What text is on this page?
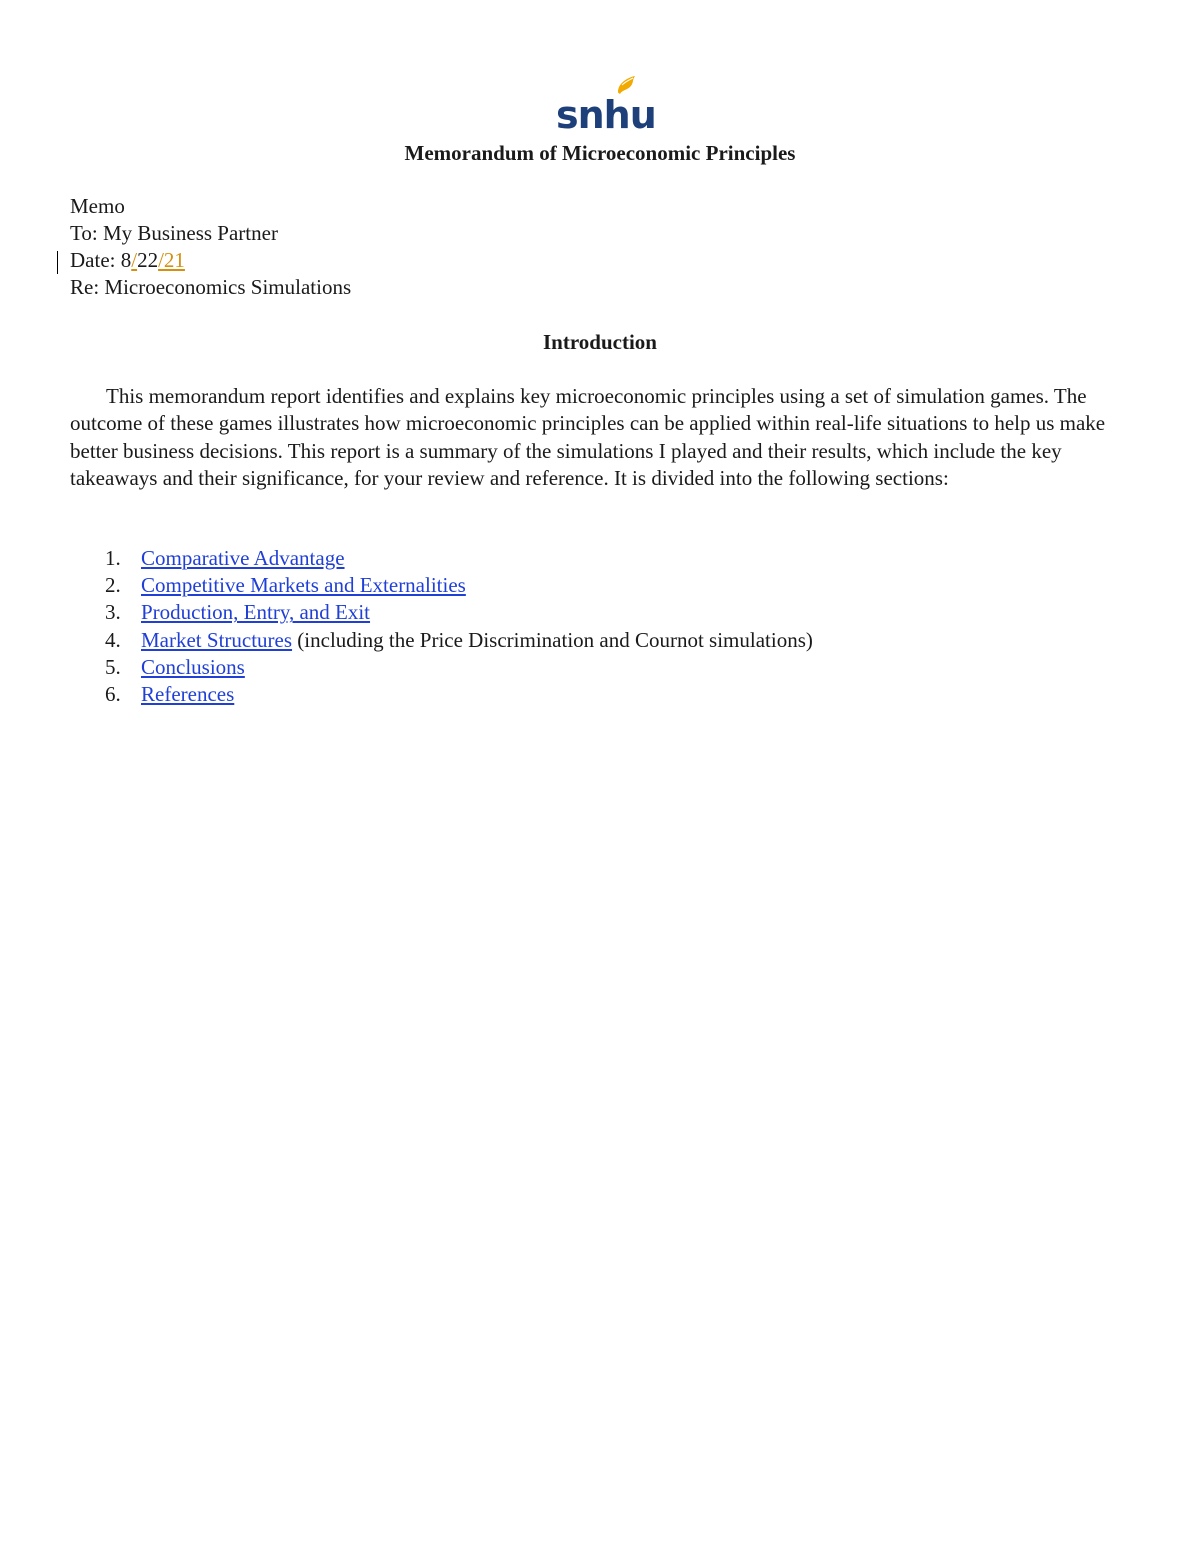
snhu
Memorandum of Microeconomic Principles
Memo
To: My Business Partner
Date: 8/22/21
Re: Microeconomics Simulations
Introduction

This memorandum report identifies and explains key microeconomic principles using a set of simulation games. The outcome of these games illustrates how microeconomic principles can be applied within real-life situations to help us make better business decisions. This report is a summary of the simulations I played and their results, which include the key takeaways and their significance, for your review and reference. It is divided into the following sections:

1. Comparative Advantage
2. Competitive Markets and Externalities
3. Production, Entry, and Exit
4. Market Structures (including the Price Discrimination and Cournot simulations)
5. Conclusions
6. References
